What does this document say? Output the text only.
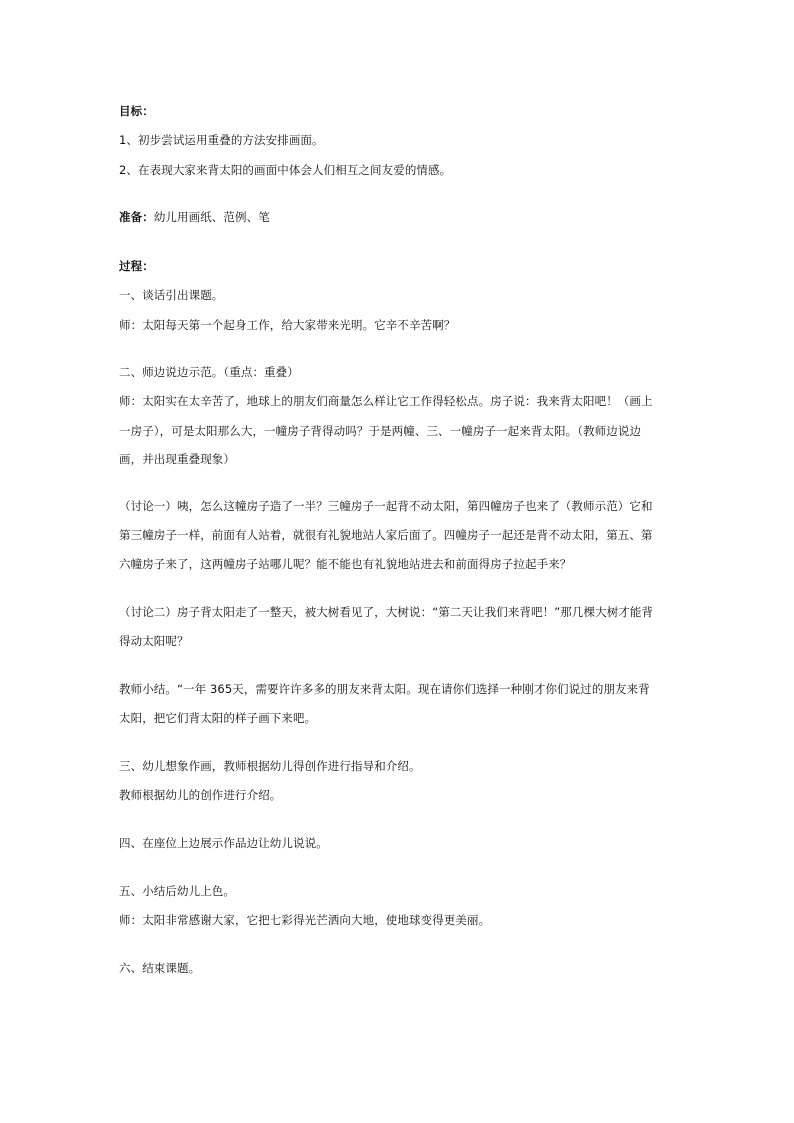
目标：
1、初步尝试运用重叠的方法安排画面。
2、在表现大家来背太阳的画面中体会人们相互之间友爱的情感。
准备：幼儿用画纸、范例、笔
过程：
一、谈话引出课题。
师：太阳每天第一个起身工作，给大家带来光明。它辛不辛苦啊？
二、师边说边示范。（重点：重叠）
师：太阳实在太辛苦了，地球上的朋友们商量怎么样让它工作得轻松点。房子说：我来背太阳吧！（画上
一房子），可是太阳那么大，一幢房子背得动吗？于是两幢、三、一幢房子一起来背太阳。（教师边说边
画，并出现重叠现象）
（讨论一）咦，怎么这幢房子造了一半？三幢房子一起背不动太阳，第四幢房子也来了（教师示范）它和
第三幢房子一样，前面有人站着，就很有礼貌地站人家后面了。四幢房子一起还是背不动太阳，第五、第
六幢房子来了，这两幢房子站哪儿呢？能不能也有礼貌地站进去和前面得房子拉起手来？
（讨论二）房子背太阳走了一整天，被大树看见了，大树说：“第二天让我们来背吧！”那几棵大树才能背
得动太阳呢？
教师小结。“一年 365天，需要许许多多的朋友来背太阳。现在请你们选择一种刚才你们说过的朋友来背
太阳，把它们背太阳的样子画下来吧。
三、幼儿想象作画，教师根据幼儿得创作进行指导和介绍。
教师根据幼儿的创作进行介绍。
四、在座位上边展示作品边让幼儿说说。
五、小结后幼儿上色。
师：太阳非常感谢大家，它把七彩得光芒洒向大地，使地球变得更美丽。
六、结束课题。
